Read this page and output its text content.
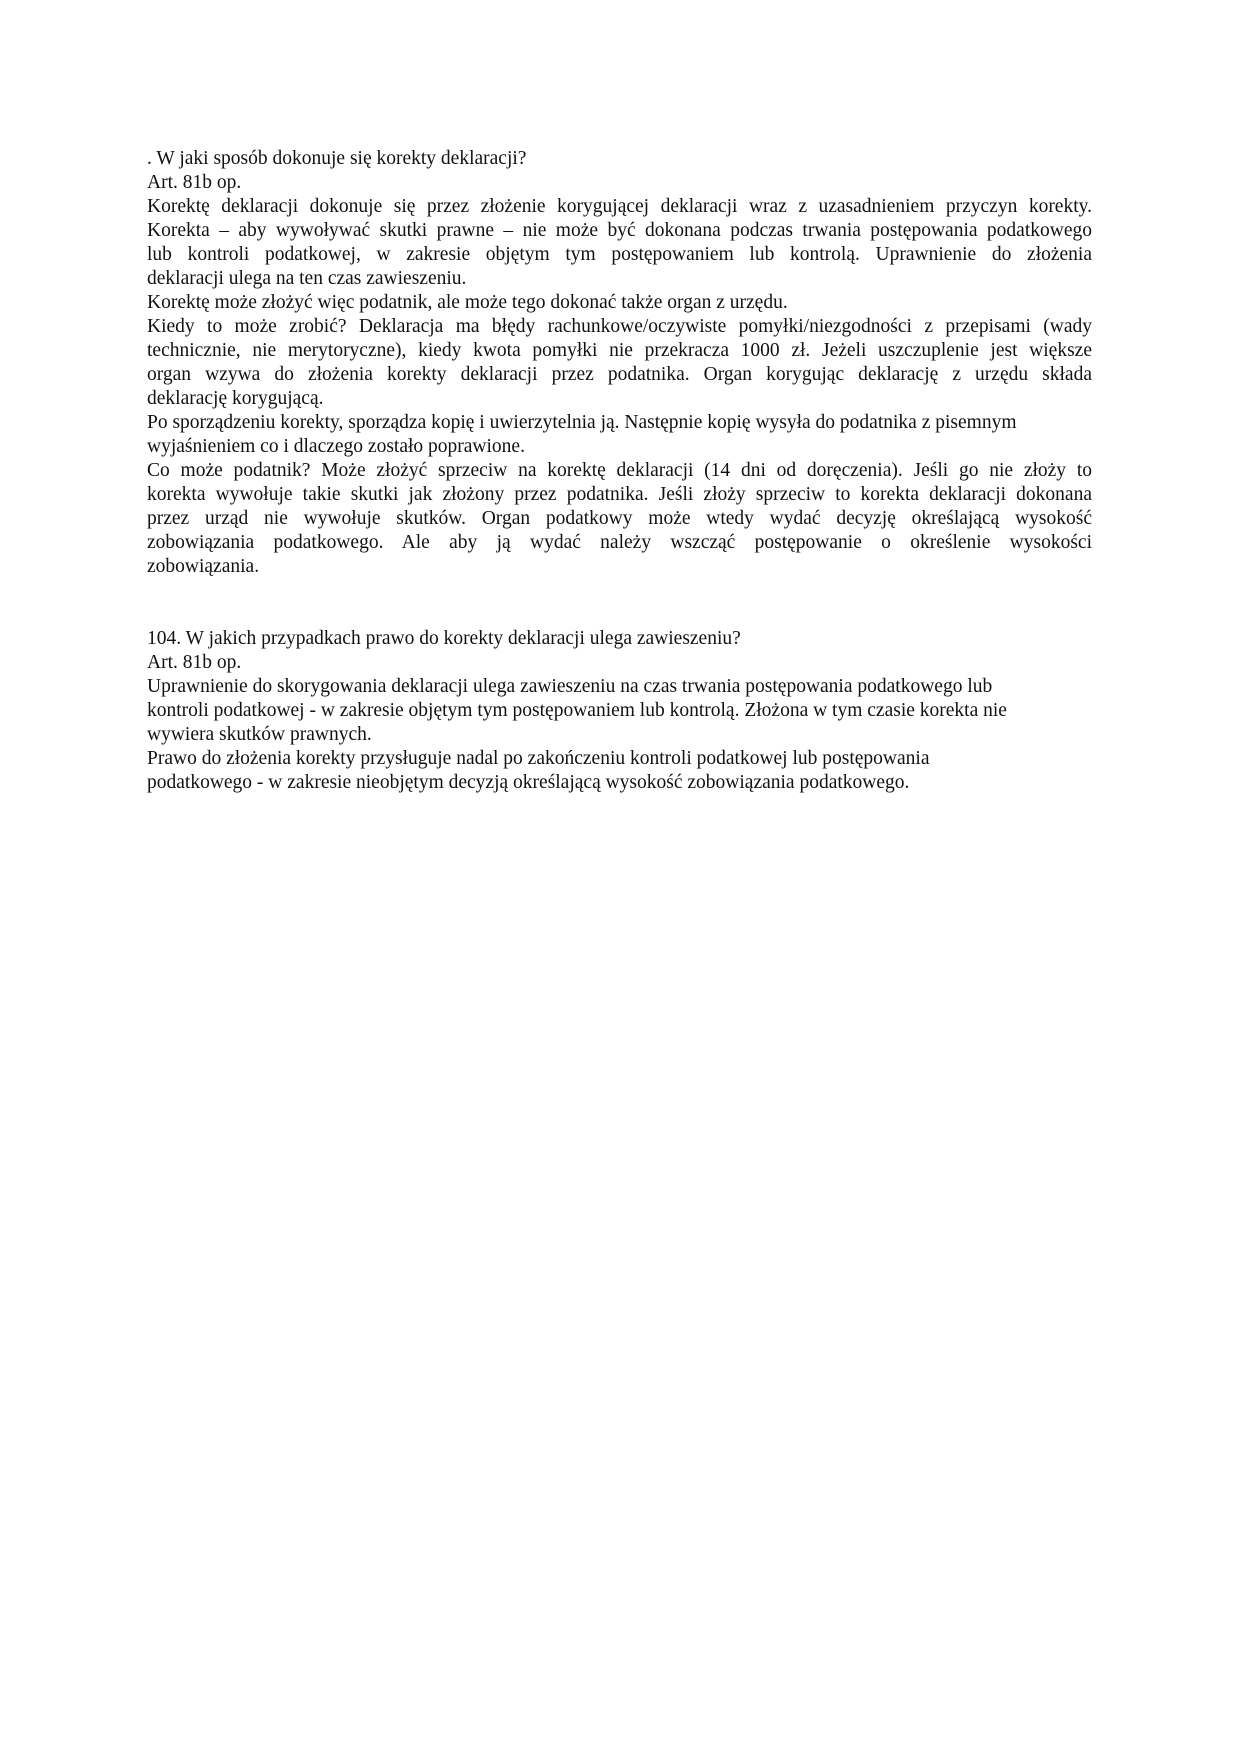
. W jaki sposób dokonuje się korekty deklaracji?

Art. 81b op.

Korektę deklaracji dokonuje się przez złożenie korygującej deklaracji wraz z uzasadnieniem przyczyn korekty.

Korekta – aby wywoływać skutki prawne – nie może być dokonana podczas trwania postępowania podatkowego

lub kontroli podatkowej, w zakresie objętym tym postępowaniem lub kontrolą. Uprawnienie do złożenia

deklaracji ulega na ten czas zawieszeniu.

Korektę może złożyć więc podatnik, ale może tego dokonać także organ z urzędu.

Kiedy to może zrobić? Deklaracja ma błędy rachunkowe/oczywiste pomyłki/niezgodności z przepisami (wady

technicznie, nie merytoryczne), kiedy kwota pomyłki nie przekracza 1000 zł. Jeżeli uszczuplenie jest większe

organ wzywa do złożenia korekty deklaracji przez podatnika. Organ korygując deklarację z urzędu składa

deklarację korygującą.

Po sporządzeniu korekty, sporządza kopię i uwierzytelnia ją. Następnie kopię wysyła do podatnika z pisemnym

wyjaśnieniem co i dlaczego zostało poprawione.

Co może podatnik? Może złożyć sprzeciw na korektę deklaracji (14 dni od doręczenia). Jeśli go nie złoży to

korekta wywołuje takie skutki jak złożony przez podatnika. Jeśli złoży sprzeciw to korekta deklaracji dokonana

przez urząd nie wywołuje skutków. Organ podatkowy może wtedy wydać decyzję określającą wysokość

zobowiązania podatkowego. Ale aby ją wydać należy wszcząć postępowanie o określenie wysokości

zobowiązania.

104. W jakich przypadkach prawo do korekty deklaracji ulega zawieszeniu?

Art. 81b op.

Uprawnienie do skorygowania deklaracji ulega zawieszeniu na czas trwania postępowania podatkowego lub

kontroli podatkowej - w zakresie objętym tym postępowaniem lub kontrolą. Złożona w tym czasie korekta nie

wywiera skutków prawnych.

Prawo do złożenia korekty przysługuje nadal po zakończeniu kontroli podatkowej lub postępowania

podatkowego - w zakresie nieobjętym decyzją określającą wysokość zobowiązania podatkowego.
